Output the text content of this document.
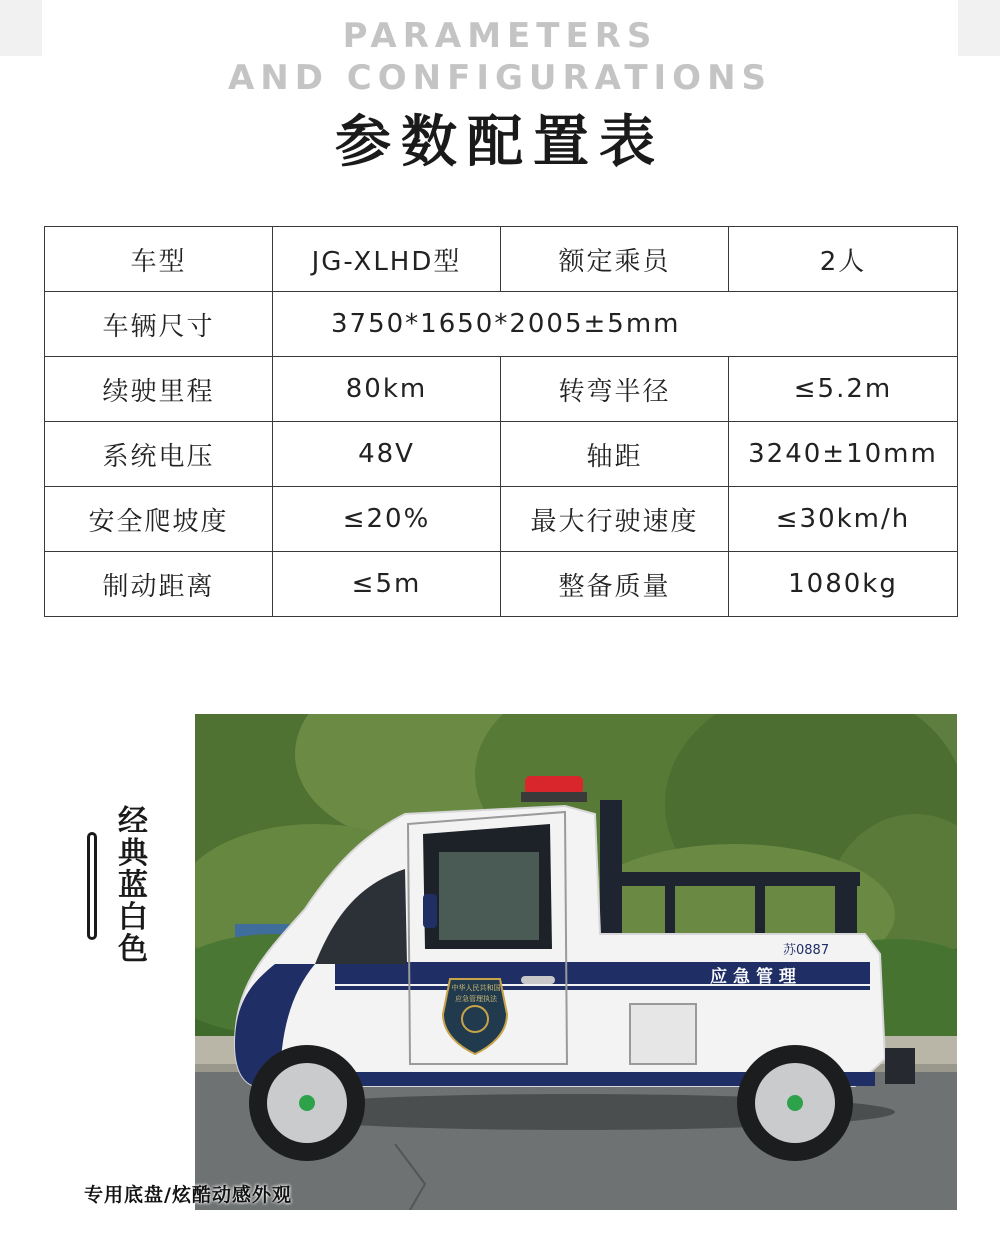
PARAMETERS
AND CONFIGURATIONS
参数配置表
车型	JG-XLHD型	额定乘员	2人
车辆尺寸	3750*1650*2005±5mm		
续驶里程	80km	转弯半径	≤5.2m
系统电压	48V	轴距	3240±10mm
安全爬坡度	≤20%	最大行驶速度	≤30km/h
制动距离	≤5m	整备质量	1080kg
中华人民共和国
应急管理执法
应 急 管 理
苏0887
经典蓝白色
专用底盘/炫酷动感外观
